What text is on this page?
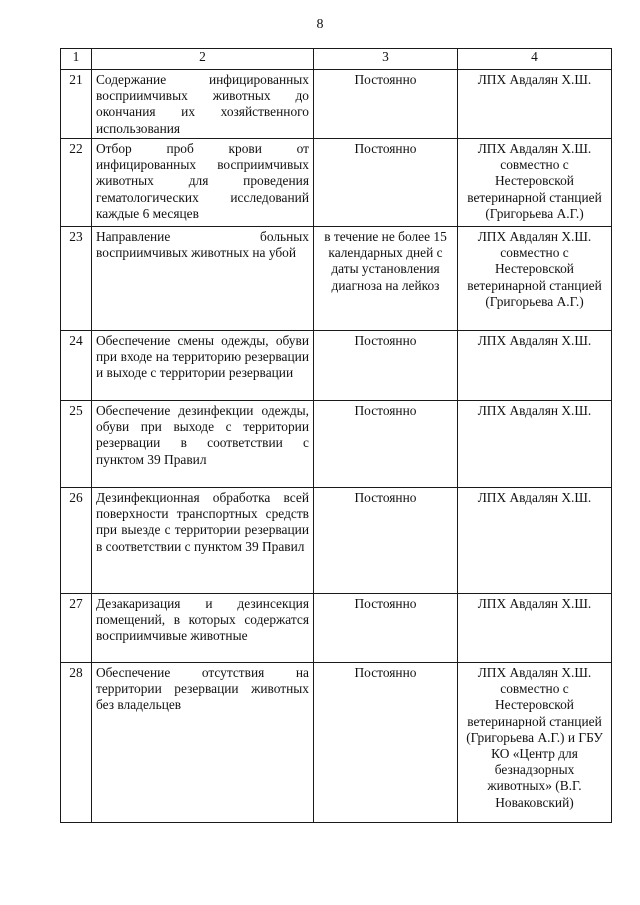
8
1	2	3	4
21	Содержание инфицированных восприимчивых животных до окончания их хозяйственного использования	Постоянно	ЛПХ Авдалян Х.Ш.
22	Отбор проб крови от инфицированных восприимчивых животных для проведения гематологических исследований каждые 6 месяцев	Постоянно	ЛПХ Авдалян Х.Ш. совместно с Нестеровской ветеринарной станцией (Григорьева А.Г.)
23	Направление больных восприимчивых животных на убой	в течение не более 15 календарных дней с даты установления диагноза на лейкоз	ЛПХ Авдалян Х.Ш. совместно с Нестеровской ветеринарной станцией (Григорьева А.Г.)
24	Обеспечение смены одежды, обуви при входе на территорию резервации и выходе с территории резервации	Постоянно	ЛПХ Авдалян Х.Ш.
25	Обеспечение дезинфекции одежды, обуви при выходе с территории резервации в соответствии с пунктом 39 Правил	Постоянно	ЛПХ Авдалян Х.Ш.
26	Дезинфекционная обработка всей поверхности транспортных средств при выезде с территории резервации в соответствии с пунктом 39 Правил	Постоянно	ЛПХ Авдалян Х.Ш.
27	Дезакаризация и дезинсекция помещений, в которых содержатся восприимчивые животные	Постоянно	ЛПХ Авдалян Х.Ш.
28	Обеспечение отсутствия на территории резервации животных без владельцев	Постоянно	ЛПХ Авдалян Х.Ш. совместно с Нестеровской ветеринарной станцией (Григорьева А.Г.) и ГБУ КО «Центр для безнадзорных животных» (В.Г. Новаковский)
